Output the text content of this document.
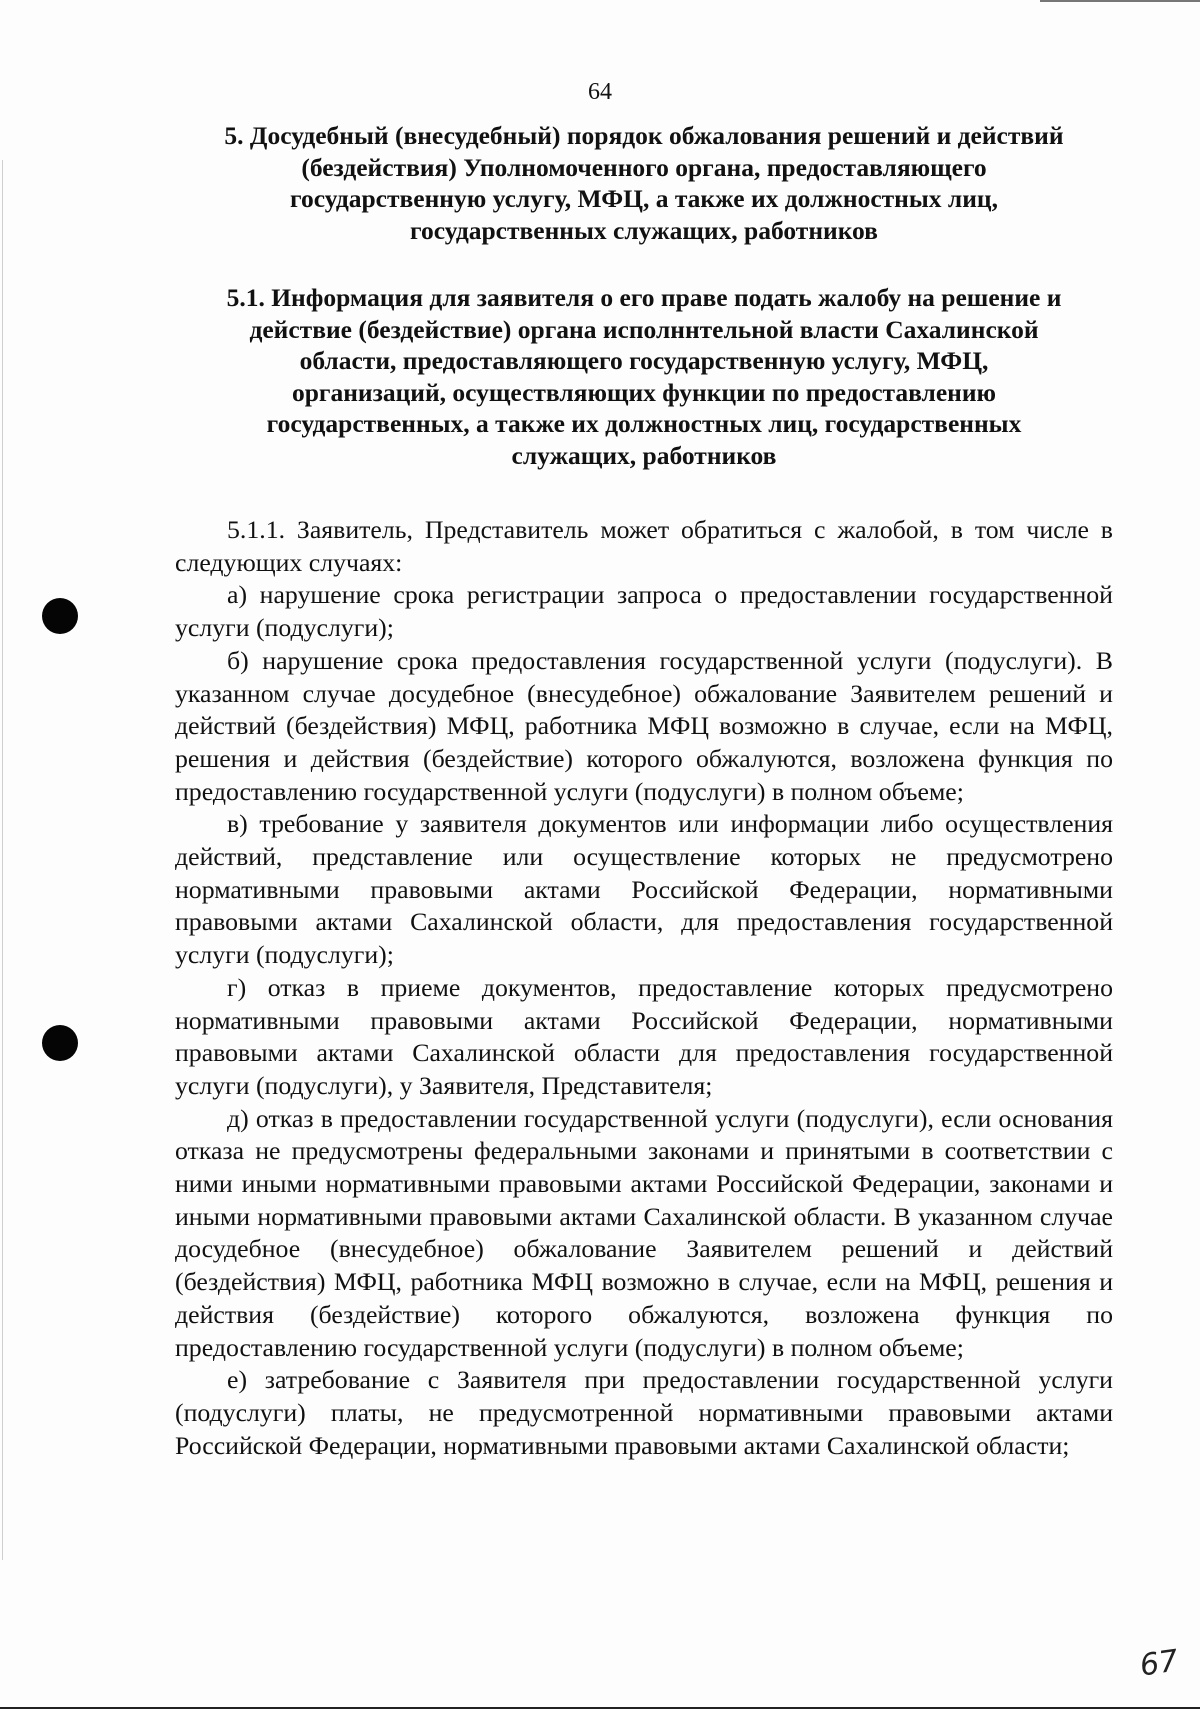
64
5. Досудебный (внесудебный) порядок обжалования решений и действий
(бездействия) Уполномоченного органа, предоставляющего
государственную услугу, МФЦ, а также их должностных лиц,
государственных служащих, работников
5.1. Информация для заявителя о его праве подать жалобу на решение и
действие (бездействие) органа исполннтельной власти Сахалинской
области, предоставляющего государственную услугу, МФЦ,
организаций, осуществляющих функции по предоставлению
государственных, а также их должностных лиц, государственных
служащих, работников

5.1.1. Заявитель, Представитель может обратиться с жалобой, в том числе в следующих случаях:

а) нарушение срока регистрации запроса о предоставлении государственной услуги (подуслуги);

б) нарушение срока предоставления государственной услуги (подуслуги). В указанном случае досудебное (внесудебное) обжалование Заявителем решений и действий (бездействия) МФЦ, работника МФЦ возможно в случае, если на МФЦ, решения и действия (бездействие) которого обжалуются, возложена функция по предоставлению государственной услуги (подуслуги) в полном объеме;

в) требование у заявителя документов или информации либо осуществления действий, представление или осуществление которых не предусмотрено нормативными правовыми актами Российской Федерации, нормативными правовыми актами Сахалинской области, для предоставления государственной услуги (подуслуги);

г) отказ в приеме документов, предоставление которых предусмотрено нормативными правовыми актами Российской Федерации, нормативными правовыми актами Сахалинской области для предоставления государственной услуги (подуслуги), у Заявителя, Представителя;

д) отказ в предоставлении государственной услуги (подуслуги), если основания отказа не предусмотрены федеральными законами и принятыми в соответствии с ними иными нормативными правовыми актами Российской Федерации, законами и иными нормативными правовыми актами Сахалинской области. В указанном случае досудебное (внесудебное) обжалование Заявителем решений и действий (бездействия) МФЦ, работника МФЦ возможно в случае, если на МФЦ, решения и действия (бездействие) которого обжалуются, возложена функция по предоставлению государственной услуги (подуслуги) в полном объеме;

е) затребование с Заявителя при предоставлении государственной услуги (подуслуги) платы, не предусмотренной нормативными правовыми актами Российской Федерации, нормативными правовыми актами Сахалинской области;

67
